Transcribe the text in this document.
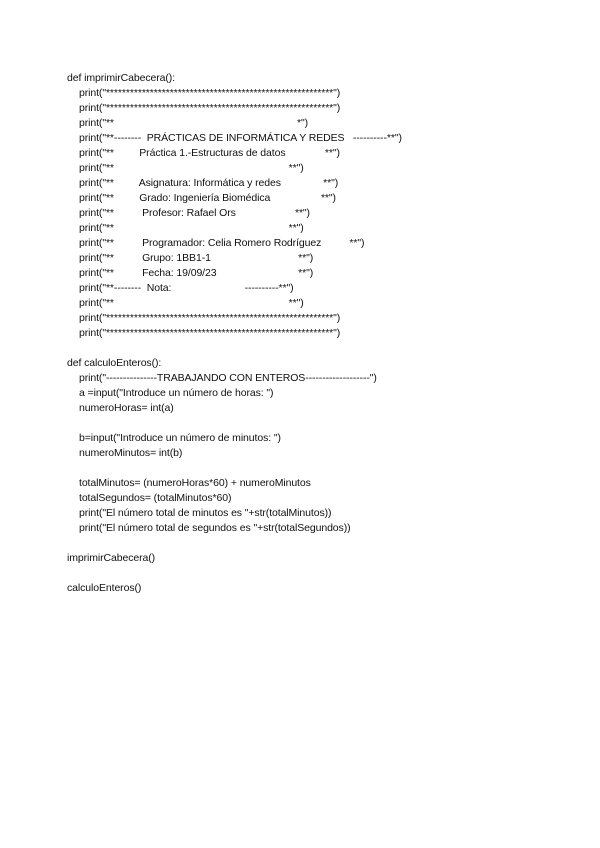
def imprimirCabecera():
print("*********************************************************")
print("*********************************************************")
print("**                                                                 *")
print("**--------  PRÁCTICAS DE INFORMÁTICA Y REDES   ----------**")
print("**         Práctica 1.-Estructuras de datos              **")
print("**                                                              **")
print("**         Asignatura: Informática y redes               **")
print("**         Grado: Ingeniería Biomédica                  **")
print("**          Profesor: Rafael Ors                     **")
print("**                                                              **")
print("**          Programador: Celia Romero Rodríguez          **")
print("**          Grupo: 1BB1-1                               **")
print("**          Fecha: 19/09/23                             **")
print("**--------  Nota:                          ----------**")
print("**                                                              **")
print("*********************************************************")
print("*********************************************************")
def calculoEnteros():
print("---------------TRABAJANDO CON ENTEROS-------------------")
a =input("Introduce un número de horas: ")
numeroHoras= int(a)
b=input("Introduce un número de minutos: ")
numeroMinutos= int(b)
totalMinutos= (numeroHoras*60) + numeroMinutos
totalSegundos= (totalMinutos*60)
print("El número total de minutos es "+str(totalMinutos))
print("El número total de segundos es "+str(totalSegundos))
imprimirCabecera()
calculoEnteros()
